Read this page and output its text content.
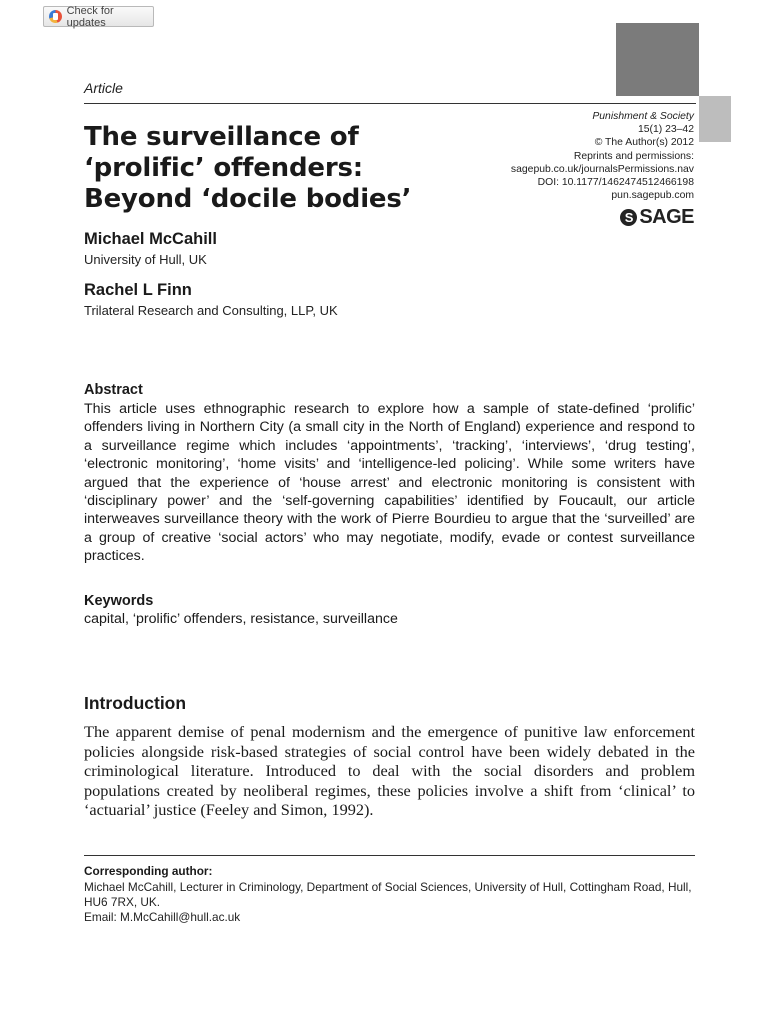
Check for updates
Article
Punishment & Society
15(1) 23–42
© The Author(s) 2012
Reprints and permissions:
sagepub.co.uk/journalsPermissions.nav
DOI: 10.1177/1462474512466198
pun.sagepub.com
S SAGE
The surveillance of ‘prolific’ offenders: Beyond ‘docile bodies’
Michael McCahill
University of Hull, UK
Rachel L Finn
Trilateral Research and Consulting, LLP, UK
Abstract
This article uses ethnographic research to explore how a sample of state-defined ‘prolific’ offenders living in Northern City (a small city in the North of England) experience and respond to a surveillance regime which includes ‘appointments’, ‘tracking’, ‘interviews’, ‘drug testing’, ‘electronic monitoring’, ‘home visits’ and ‘intelligence-led policing’. While some writers have argued that the experience of ‘house arrest’ and electronic monitoring is consistent with ‘disciplinary power’ and the ‘self-governing capabilities’ identified by Foucault, our article interweaves surveillance theory with the work of Pierre Bourdieu to argue that the ‘surveilled’ are a group of creative ‘social actors’ who may negotiate, modify, evade or contest surveillance practices.
Keywords
capital, ‘prolific’ offenders, resistance, surveillance
Introduction
The apparent demise of penal modernism and the emergence of punitive law enforcement policies alongside risk-based strategies of social control have been widely debated in the criminological literature. Introduced to deal with the social disorders and problem populations created by neoliberal regimes, these policies involve a shift from ‘clinical’ to ‘actuarial’ justice (Feeley and Simon, 1992).
Corresponding author:
Michael McCahill, Lecturer in Criminology, Department of Social Sciences, University of Hull, Cottingham Road, Hull, HU6 7RX, UK.
Email: M.McCahill@hull.ac.uk
